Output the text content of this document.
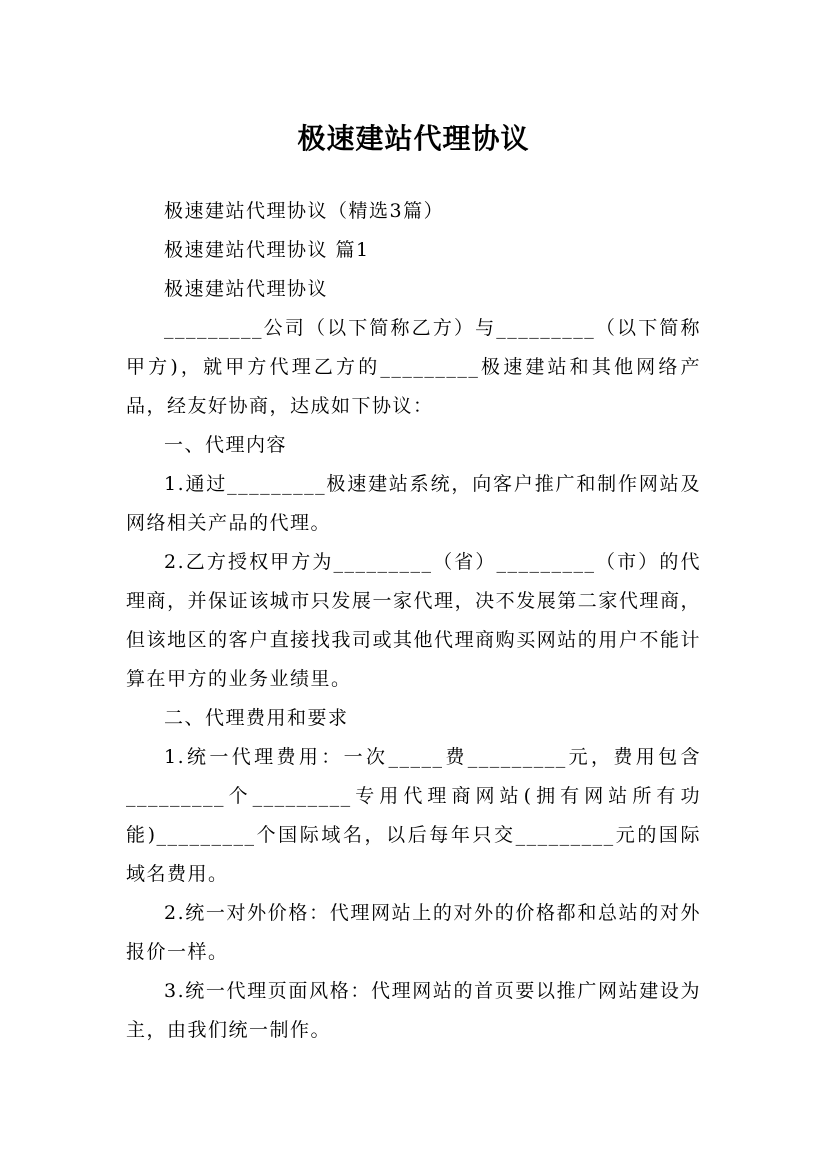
极速建站代理协议

极速建站代理协议（精选3篇）

极速建站代理协议 篇1

极速建站代理协议

_________公司（以下简称乙方）与_________（以下简称甲方)，就甲方代理乙方的_________极速建站和其他网络产品，经友好协商，达成如下协议：

一、代理内容

1.通过_________极速建站系统，向客户推广和制作网站及网络相关产品的代理。

2.乙方授权甲方为_________（省）_________（市）的代理商，并保证该城市只发展一家代理，决不发展第二家代理商，但该地区的客户直接找我司或其他代理商购买网站的用户不能计算在甲方的业务业绩里。

二、代理费用和要求

1.统一代理费用：一次_____费_________元，费用包含_________个_________专用代理商网站(拥有网站所有功能)_________个国际域名，以后每年只交_________元的国际域名费用。

2.统一对外价格：代理网站上的对外的价格都和总站的对外报价一样。

3.统一代理页面风格：代理网站的首页要以推广网站建设为主，由我们统一制作。
